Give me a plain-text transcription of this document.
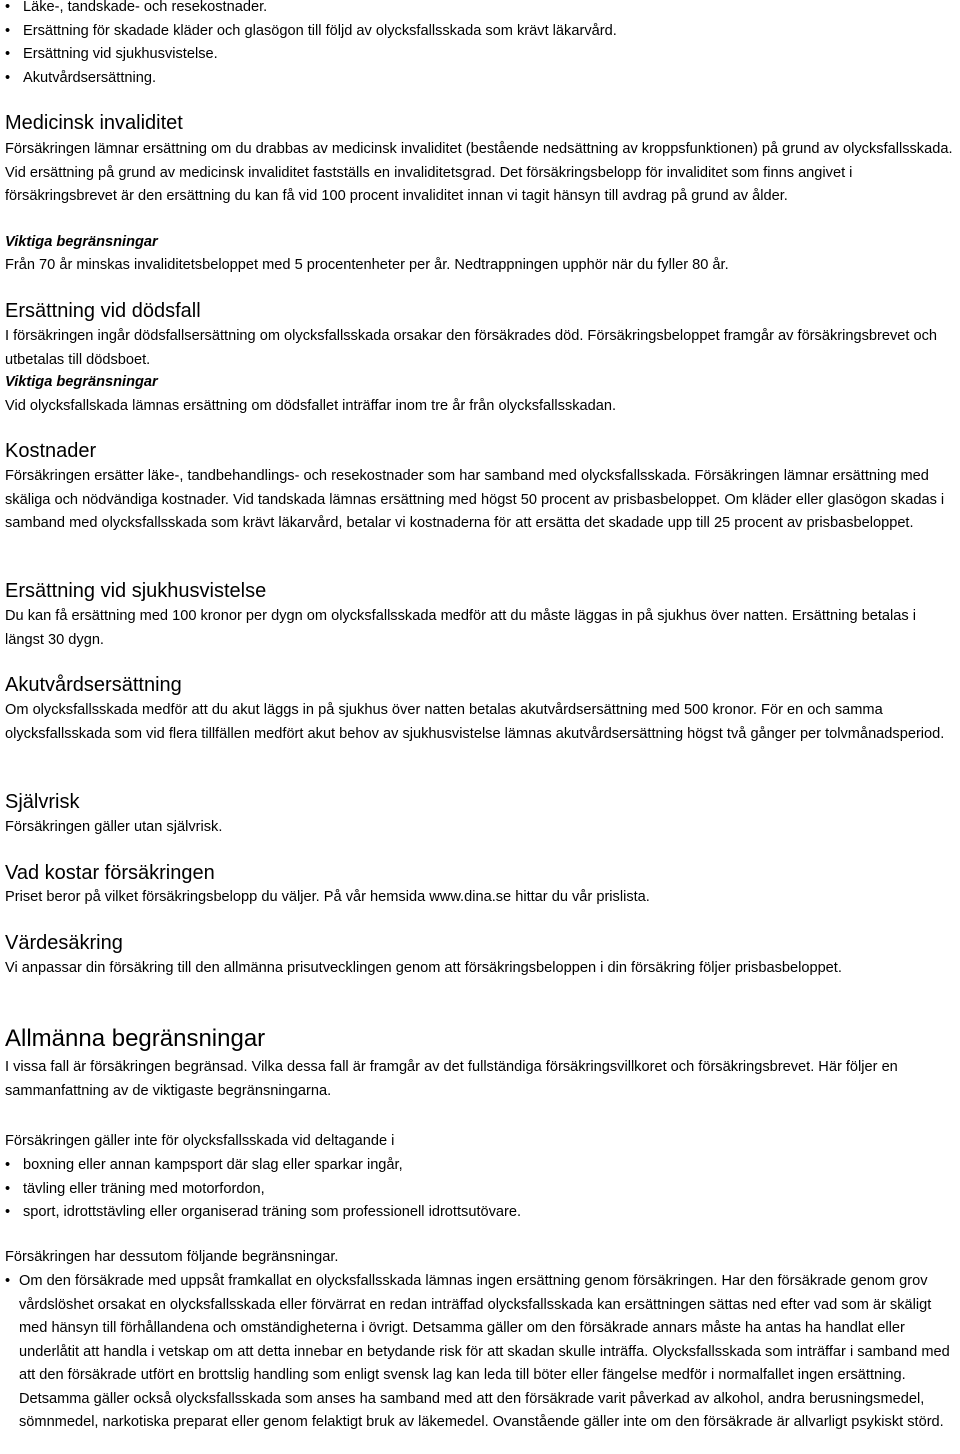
• Läke-, tandskade- och resekostnader.
• Ersättning för skadade kläder och glasögon till följd av olycksfallsskada som krävt läkarvård.
• Ersättning vid sjukhusvistelse.
• Akutvårdsersättning.
Medicinsk invaliditet

Försäkringen lämnar ersättning om du drabbas av medicinsk invaliditet (bestående nedsättning av kroppsfunktionen) på grund av olycksfallsskada. Vid ersättning på grund av medicinsk invaliditet fastställs en invaliditetsgrad. Det försäkringsbelopp för invaliditet som finns angivet i försäkringsbrevet är den ersättning du kan få vid 100 procent invaliditet innan vi tagit hänsyn till avdrag på grund av ålder.

Viktiga begränsningar

Från 70 år minskas invaliditetsbeloppet med 5 procentenheter per år. Nedtrappningen upphör när du fyller 80 år.

Ersättning vid dödsfall

I försäkringen ingår dödsfallsersättning om olycksfallsskada orsakar den försäkrades död. Försäkringsbeloppet framgår av försäkringsbrevet och utbetalas till dödsboet.

Viktiga begränsningar

Vid olycksfallskada lämnas ersättning om dödsfallet inträffar inom tre år från olycksfallsskadan.

Kostnader

Försäkringen ersätter läke-, tandbehandlings- och resekostnader som har samband med olycksfallsskada. Försäkringen lämnar ersättning med skäliga och nödvändiga kostnader. Vid tandskada lämnas ersättning med högst 50 procent av prisbasbeloppet. Om kläder eller glasögon skadas i samband med olycksfallsskada som krävt läkarvård, betalar vi kostnaderna för att ersätta det skadade upp till 25 procent av prisbasbeloppet.

Ersättning vid sjukhusvistelse

Du kan få ersättning med 100 kronor per dygn om olycksfallsskada medför att du måste läggas in på sjukhus över natten. Ersättning betalas i längst 30 dygn.

Akutvårdsersättning

Om olycksfallsskada medför att du akut läggs in på sjukhus över natten betalas akutvårdsersättning med 500 kronor. För en och samma olycksfallsskada som vid flera tillfällen medfört akut behov av sjukhusvistelse lämnas akutvårdsersättning högst två gånger per tolvmånadsperiod.

Självrisk

Försäkringen gäller utan självrisk.

Vad kostar försäkringen

Priset beror på vilket försäkringsbelopp du väljer. På vår hemsida www.dina.se hittar du vår prislista.

Värdesäkring

Vi anpassar din försäkring till den allmänna prisutvecklingen genom att försäkringsbeloppen i din försäkring följer prisbasbeloppet.

Allmänna begränsningar

I vissa fall är försäkringen begränsad. Vilka dessa fall är framgår av det fullständiga försäkringsvillkoret och försäkringsbrevet. Här följer en sammanfattning av de viktigaste begränsningarna.

Försäkringen gäller inte för olycksfallsskada vid deltagande i

• boxning eller annan kampsport där slag eller sparkar ingår,
• tävling eller träning med motorfordon,
• sport, idrottstävling eller organiserad träning som professionell idrottsutövare.

Försäkringen har dessutom följande begränsningar.

• Om den försäkrade med uppsåt framkallat en olycksfallsskada lämnas ingen ersättning genom försäkringen. Har den försäkrade genom grov vårdslöshet orsakat en olycksfallsskada eller förvärrat en redan inträffad olycksfallsskada kan ersättningen sättas ned efter vad som är skäligt med hänsyn till förhållandena och omständigheterna i övrigt. Detsamma gäller om den försäkrade annars måste ha antas ha handlat eller underlåtit att handla i vetskap om att detta innebar en betydande risk för att skadan skulle inträffa. Olycksfallsskada som inträffar i samband med att den försäkrade utfört en brottslig handling som enligt svensk lag kan leda till böter eller fängelse medför i normalfallet ingen ersättning. Detsamma gäller också olycksfallsskada som anses ha samband med att den försäkrade varit påverkad av alkohol, andra berusningsmedel, sömnmedel, narkotiska preparat eller genom felaktigt bruk av läkemedel. Ovanstående gäller inte om den försäkrade är allvarligt psykiskt störd.
